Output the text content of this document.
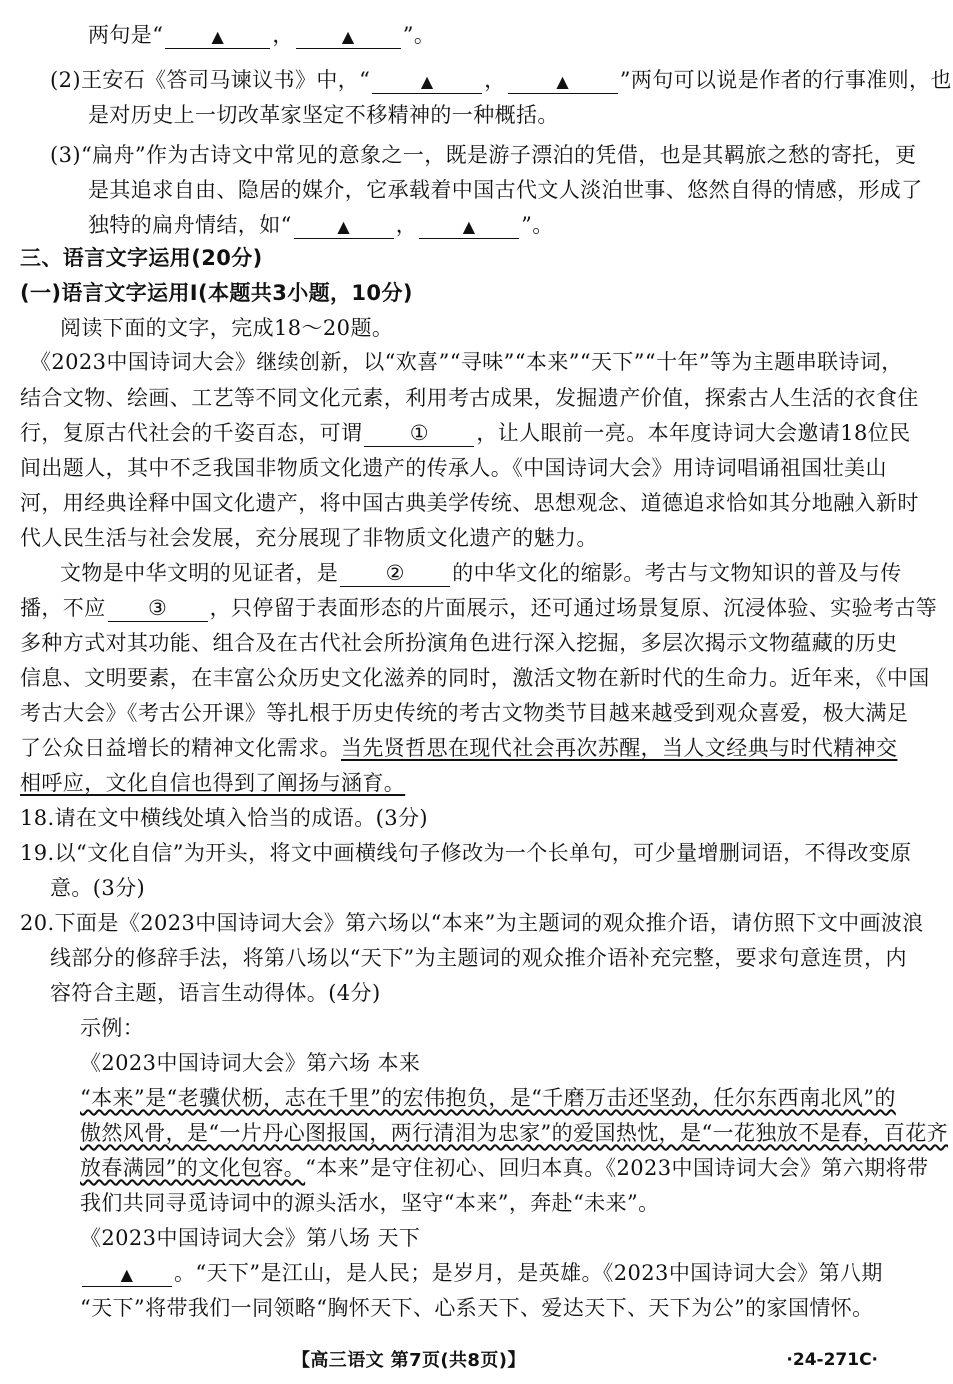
两句是“	▲ ，	▲ ”。
(2)王安石《答司马谏议书》中，“	▲ ，	▲ ”两句可以说是作者的行事准则，也
是对历史上一切改革家坚定不移精神的一种概括。
(3)“扁舟”作为古诗文中常见的意象之一，既是游子漂泊的凭借，也是其羁旅之愁的寄托，更
是其追求自由、隐居的媒介，它承载着中国古代文人淡泊世事、悠然自得的情感，形成了
独特的扁舟情结，如“	▲ ，	▲ ”。
三、语言文字运用(20分)
(一)语言文字运用Ⅰ(本题共3小题，10分)
阅读下面的文字，完成18～20题。
《2023中国诗词大会》继续创新，以“欢喜”“寻味”“本来”“天下”“十年”等为主题串联诗词，
结合文物、绘画、工艺等不同文化元素，利用考古成果，发掘遗产价值，探索古人生活的衣食住
行，复原古代社会的千姿百态，可谓 ① ，让人眼前一亮。本年度诗词大会邀请18位民
间出题人，其中不乏我国非物质文化遗产的传承人。《中国诗词大会》用诗词唱诵祖国壮美山
河，用经典诠释中国文化遗产，将中国古典美学传统、思想观念、道德追求恰如其分地融入新时
代人民生活与社会发展，充分展现了非物质文化遗产的魅力。
文物是中华文明的见证者，是 ② 的中华文化的缩影。考古与文物知识的普及与传
播，不应 ③ ，只停留于表面形态的片面展示，还可通过场景复原、沉浸体验、实验考古等
多种方式对其功能、组合及在古代社会所扮演角色进行深入挖掘，多层次揭示文物蕴藏的历史
信息、文明要素，在丰富公众历史文化滋养的同时，激活文物在新时代的生命力。近年来，《中国
考古大会》《考古公开课》等扎根于历史传统的考古文物类节目越来越受到观众喜爱，极大满足
了公众日益增长的精神文化需求。当先贤哲思在现代社会再次苏醒，当人文经典与时代精神交
相呼应，文化自信也得到了阐扬与涵育。
18.请在文中横线处填入恰当的成语。(3分)
19.以“文化自信”为开头，将文中画横线句子修改为一个长单句，可少量增删词语，不得改变原
意。(3分)
20.下面是《2023中国诗词大会》第六场以“本来”为主题词的观众推介语，请仿照下文中画波浪
线部分的修辞手法，将第八场以“天下”为主题词的观众推介语补充完整，要求句意连贯，内
容符合主题，语言生动得体。(4分)
示例：
《2023中国诗词大会》第六场 本来
“本来”是“老骥伏枥，志在千里”的宏伟抱负，是“千磨万击还坚劲，任尔东西南北风”的
傲然风骨，是“一片丹心图报国，两行清泪为忠家”的爱国热忱，是“一花独放不是春，百花齐
放春满园”的文化包容。“本来”是守住初心、回归本真。《2023中国诗词大会》第六期将带
我们共同寻觅诗词中的源头活水，坚守“本来”，奔赴“未来”。
《2023中国诗词大会》第八场 天下
▲ 。“天下”是江山，是人民；是岁月，是英雄。《2023中国诗词大会》第八期
“天下”将带我们一同领略“胸怀天下、心系天下、爱达天下、天下为公”的家国情怀。
【高三语文 第7页(共8页)】	·24-271C·
